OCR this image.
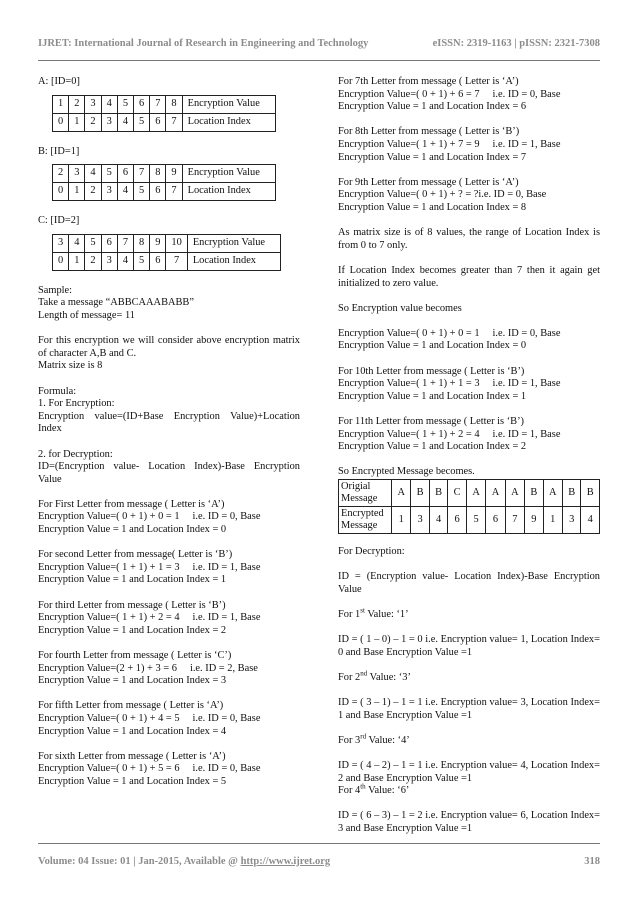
IJRET: International Journal of Research in Engineering and Technology	eISSN: 2319-1163 | pISSN: 2321-7308

A: [ID=0]

1	2	3	4	5	6	7	8	Encryption Value
0	1	2	3	4	5	6	7	Location Index

B: [ID=1]

2	3	4	5	6	7	8	9	Encryption Value
0	1	2	3	4	5	6	7	Location Index

C: [ID=2]

3	4	5	6	7	8	9	10	Encryption Value
0	1	2	3	4	5	6	7	Location Index

Sample:
Take a message “ABBCAAABABB”
Length of message= 11

For this encryption we will consider above encryption matrix of character A,B and C.

Matrix size is 8

Formula:

1. For Encryption:

Encryption value=(ID+Base Encryption Value)+Location Index

2. for Decryption:

ID=(Encryption value- Location Index)-Base Encryption Value

For First Letter from message ( Letter is ‘A’)
Encryption Value=( 0 + 1) + 0 = 1     i.e. ID = 0, Base
Encryption Value = 1 and Location Index = 0

For second Letter from message( Letter is ‘B’)
Encryption Value=( 1 + 1) + 1 = 3     i.e. ID = 1, Base
Encryption Value = 1 and Location Index = 1

For third Letter from message ( Letter is ‘B’)
Encryption Value=( 1 + 1) + 2 = 4     i.e. ID = 1, Base
Encryption Value = 1 and Location Index = 2

For fourth Letter from message ( Letter is ‘C’)
Encryption Value=(2 + 1) + 3 = 6     i.e. ID = 2, Base
Encryption Value = 1 and Location Index = 3

For fifth Letter from message ( Letter is ‘A’)
Encryption Value=( 0 + 1) + 4 = 5     i.e. ID = 0, Base
Encryption Value = 1 and Location Index = 4

For sixth Letter from message ( Letter is ‘A’)
Encryption Value=( 0 + 1) + 5 = 6     i.e. ID = 0, Base
Encryption Value = 1 and Location Index = 5

For 7th Letter from message ( Letter is ‘A’)
Encryption Value=( 0 + 1) + 6 = 7     i.e. ID = 0, Base
Encryption Value = 1 and Location Index = 6

For 8th Letter from message ( Letter is ‘B’)
Encryption Value=( 1 + 1) + 7 = 9     i.e. ID = 1, Base
Encryption Value = 1 and Location Index = 7

For 9th Letter from message ( Letter is ‘A’)
Encryption Value=( 0 + 1) + ? = ?i.e. ID = 0, Base
Encryption Value = 1 and Location Index = 8

As matrix size is of 8 values, the range of Location Index is from 0 to 7 only.

If Location Index becomes greater than 7 then it again get initialized to zero value.

So Encryption value becomes

Encryption Value=( 0 + 1) + 0 = 1     i.e. ID = 0, Base
Encryption Value = 1 and Location Index = 0

For 10th Letter from message ( Letter is ‘B’)
Encryption Value=( 1 + 1) + 1 = 3     i.e. ID = 1, Base
Encryption Value = 1 and Location Index = 1

For 11th Letter from message ( Letter is ‘B’)
Encryption Value=( 1 + 1) + 2 = 4     i.e. ID = 1, Base
Encryption Value = 1 and Location Index = 2

So Encrypted Message becomes.

Origial Message	A	B	B	C	A	A	A	B	A	B	B
Encrypted Message	1	3	4	6	5	6	7	9	1	3	4

For Decryption:

ID = (Encryption value- Location Index)-Base Encryption Value

For 1st Value: ‘1’

ID = ( 1 – 0) – 1 = 0 i.e. Encryption value= 1, Location Index= 0 and Base Encryption Value =1

For 2nd Value: ‘3’

ID = ( 3 – 1) – 1 = 1 i.e. Encryption value= 3, Location Index= 1 and Base Encryption Value =1

For 3rd Value: ‘4’

ID = ( 4 – 2) – 1 = 1 i.e. Encryption value= 4, Location Index= 2 and Base Encryption Value =1

For 4th Value: ‘6’

ID = ( 6 – 3) – 1 = 2 i.e. Encryption value= 6, Location Index= 3 and Base Encryption Value =1

Volume: 04 Issue: 01 | Jan-2015, Available @ http://www.ijret.org	318
